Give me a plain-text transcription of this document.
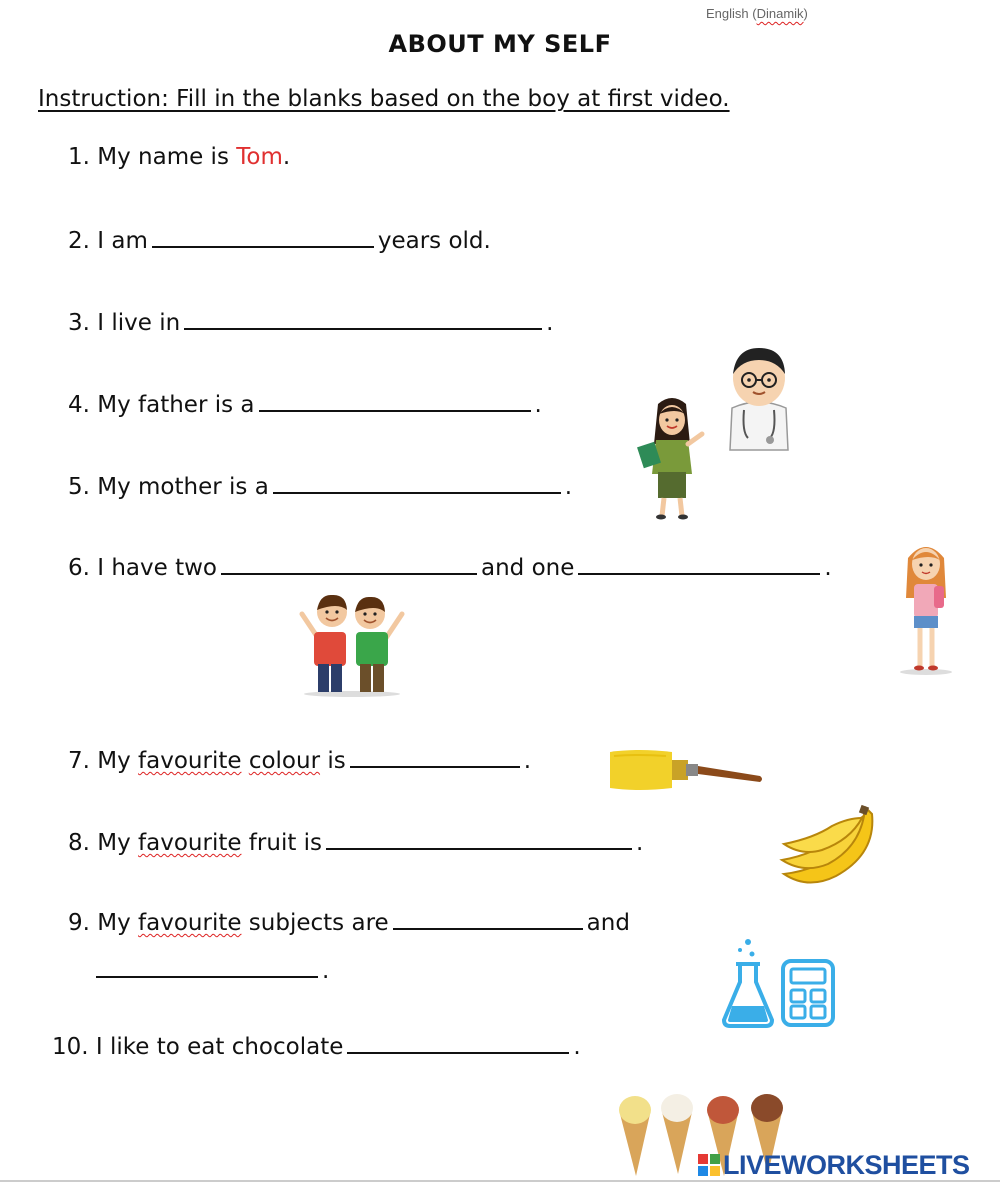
English (Dinamik)
ABOUT MY SELF
Instruction: Fill in the blanks based on the boy at first video.
1. My name is Tom.
2. I am	years old.
3. I live in	.
4. My father is a	.
5. My mother is a	.
6. I have two	and one	.
7. My favourite colour is	.
8. My favourite fruit is	.
9. My favourite subjects are	and
.
10. I like to eat chocolate	.
LIVEWORKSHEETS
